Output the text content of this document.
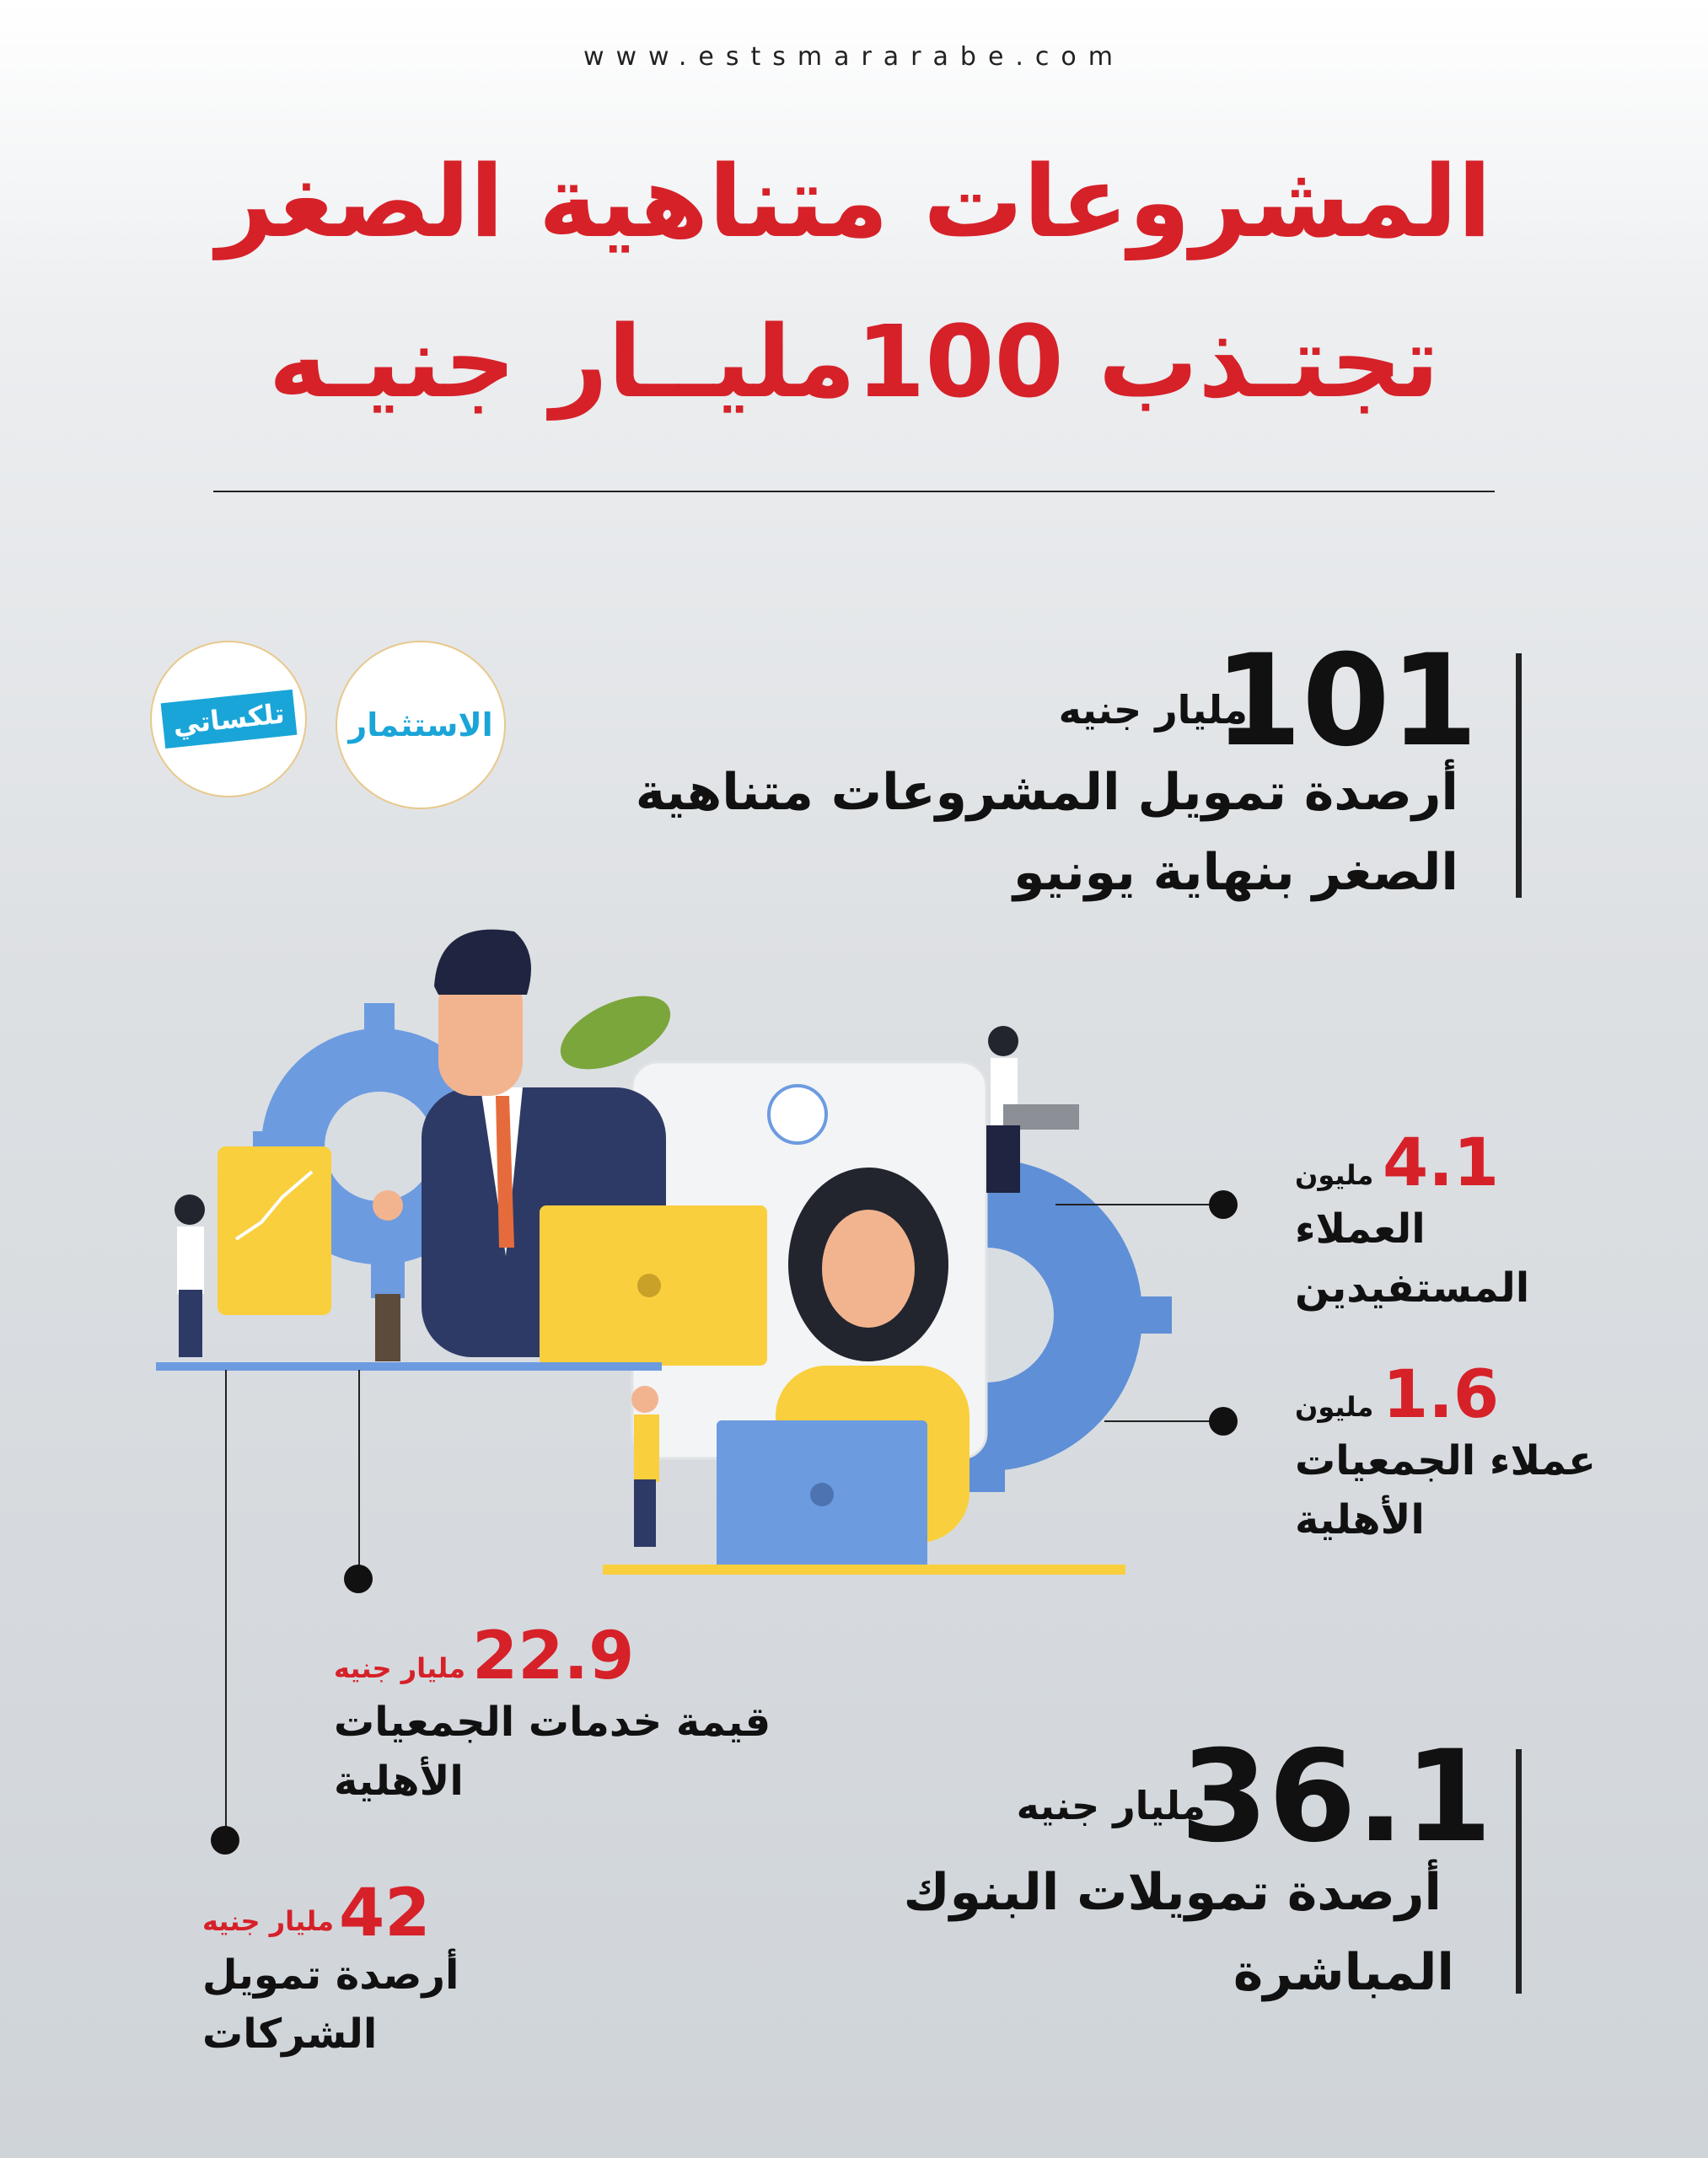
www.estsmararabe.com
المشروعات متناهية الصغر
تجتـذب 100مليــار جنيـه
تلكساتي	الاستثمار	101
مليار جنيه
أرصدة تمويل المشروعات متناهية
الصغر بنهاية يونيو
4.1
مليون
العملاء
المستفيدين
1.6
مليون
عملاء الجمعيات
الأهلية
22.9
مليار جنيه
قيمة خدمات الجمعيات
الأهلية	36.1
مليار جنيه
أرصدة تمويلات البنوك
المباشرة
42
مليار جنيه
أرصدة تمويل
الشركات
